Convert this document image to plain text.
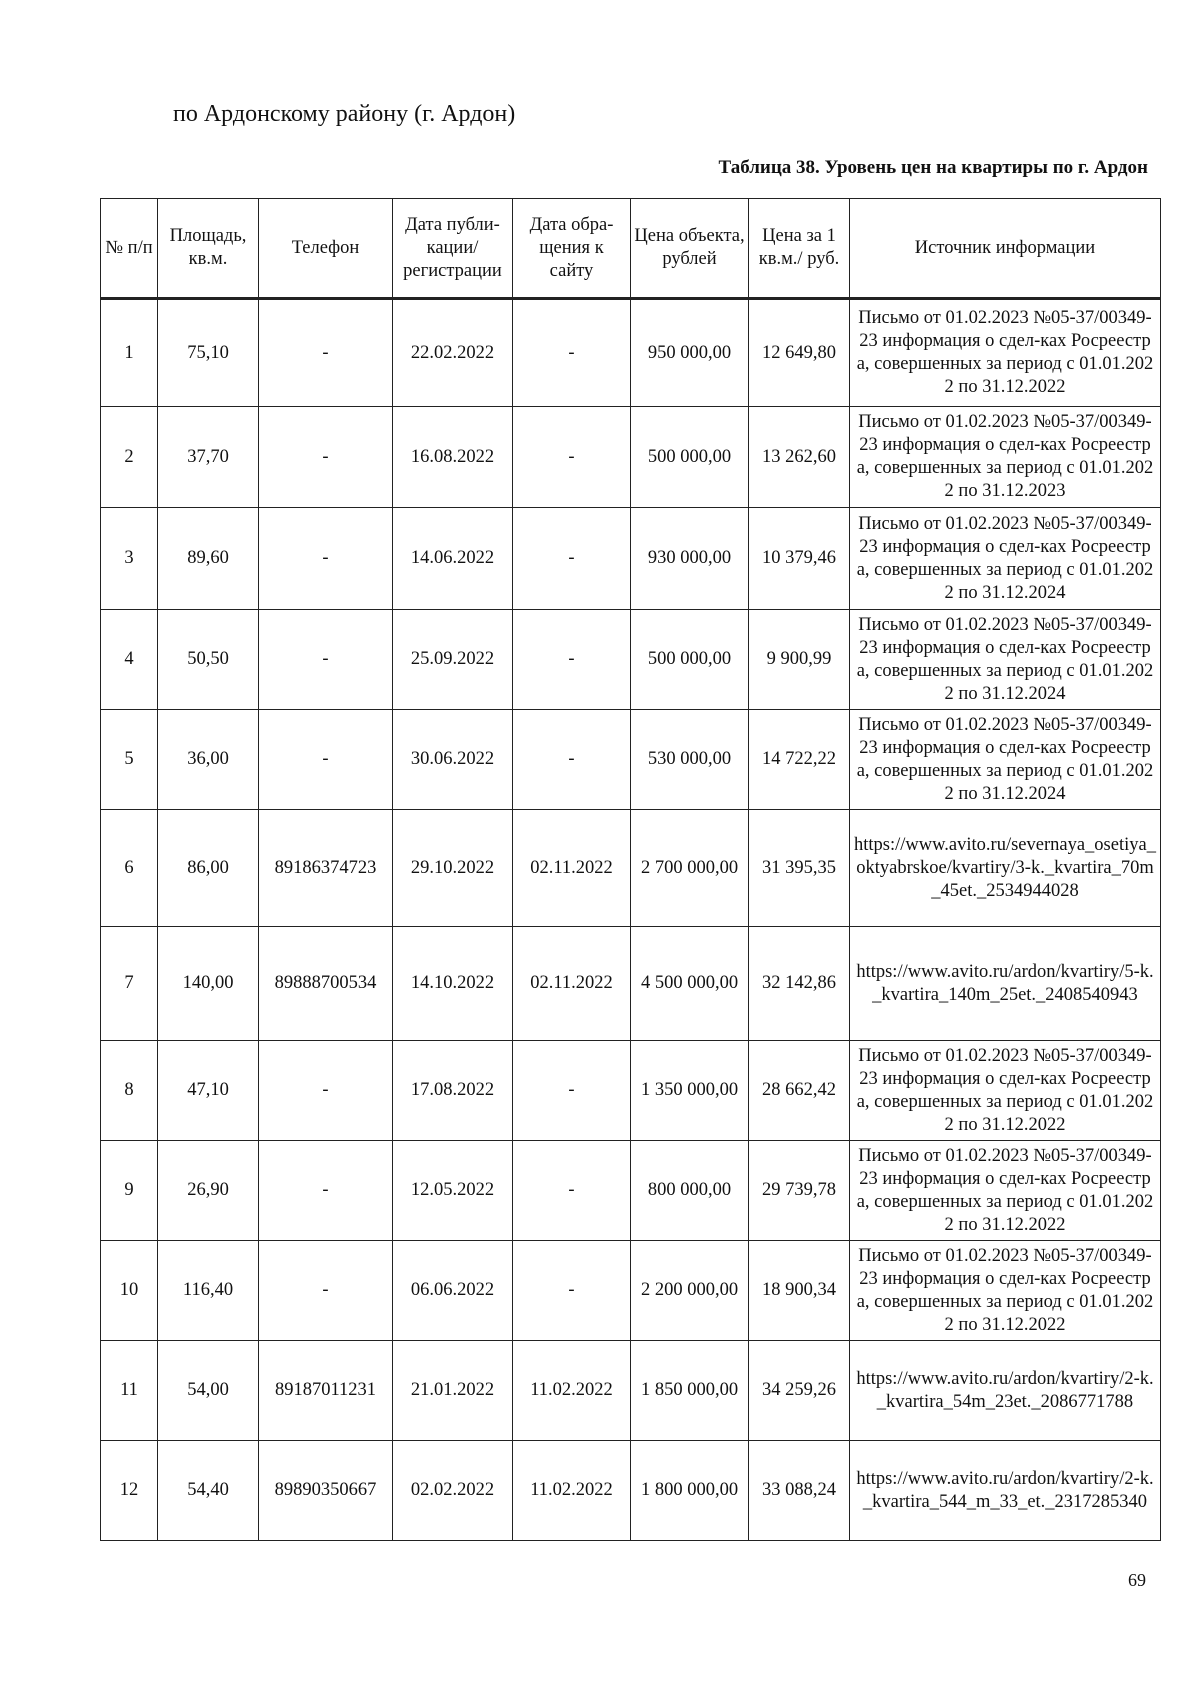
по Ардонскому району (г. Ардон)
Таблица 38. Уровень цен на квартиры по г. Ардон
№ п/п	Площадь, кв.м.	Телефон	Дата публи-кации/ регистрации	Дата обра-щения к сайту	Цена объекта, рублей	Цена за 1 кв.м./ руб.	Источник информации
1	75,10	-	22.02.2022	-	950 000,00	12 649,80	Письмо от 01.02.2023 №05-37/00349-23 информация о сдел-ках Росреестра, совершенных за период с 01.01.2022 по 31.12.2022
2	37,70	-	16.08.2022	-	500 000,00	13 262,60	Письмо от 01.02.2023 №05-37/00349-23 информация о сдел-ках Росреестра, совершенных за период с 01.01.2022 по 31.12.2023
3	89,60	-	14.06.2022	-	930 000,00	10 379,46	Письмо от 01.02.2023 №05-37/00349-23 информация о сдел-ках Росреестра, совершенных за период с 01.01.2022 по 31.12.2024
4	50,50	-	25.09.2022	-	500 000,00	9 900,99	Письмо от 01.02.2023 №05-37/00349-23 информация о сдел-ках Росреестра, совершенных за период с 01.01.2022 по 31.12.2024
5	36,00	-	30.06.2022	-	530 000,00	14 722,22	Письмо от 01.02.2023 №05-37/00349-23 информация о сдел-ках Росреестра, совершенных за период с 01.01.2022 по 31.12.2024
6	86,00	89186374723	29.10.2022	02.11.2022	2 700 000,00	31 395,35	https://www.avito.ru/severnaya_osetiya_oktyabrskoe/kvartiry/3-k._kvartira_70m_45et._2534944028
7	140,00	89888700534	14.10.2022	02.11.2022	4 500 000,00	32 142,86	https://www.avito.ru/ardon/kvartiry/5-k._kvartira_140m_25et._2408540943
8	47,10	-	17.08.2022	-	1 350 000,00	28 662,42	Письмо от 01.02.2023 №05-37/00349-23 информация о сдел-ках Росреестра, совершенных за период с 01.01.2022 по 31.12.2022
9	26,90	-	12.05.2022	-	800 000,00	29 739,78	Письмо от 01.02.2023 №05-37/00349-23 информация о сдел-ках Росреестра, совершенных за период с 01.01.2022 по 31.12.2022
10	116,40	-	06.06.2022	-	2 200 000,00	18 900,34	Письмо от 01.02.2023 №05-37/00349-23 информация о сдел-ках Росреестра, совершенных за период с 01.01.2022 по 31.12.2022
11	54,00	89187011231	21.01.2022	11.02.2022	1 850 000,00	34 259,26	https://www.avito.ru/ardon/kvartiry/2-k._kvartira_54m_23et._2086771788
12	54,40	89890350667	02.02.2022	11.02.2022	1 800 000,00	33 088,24	https://www.avito.ru/ardon/kvartiry/2-k._kvartira_544_m_33_et._2317285340
69
